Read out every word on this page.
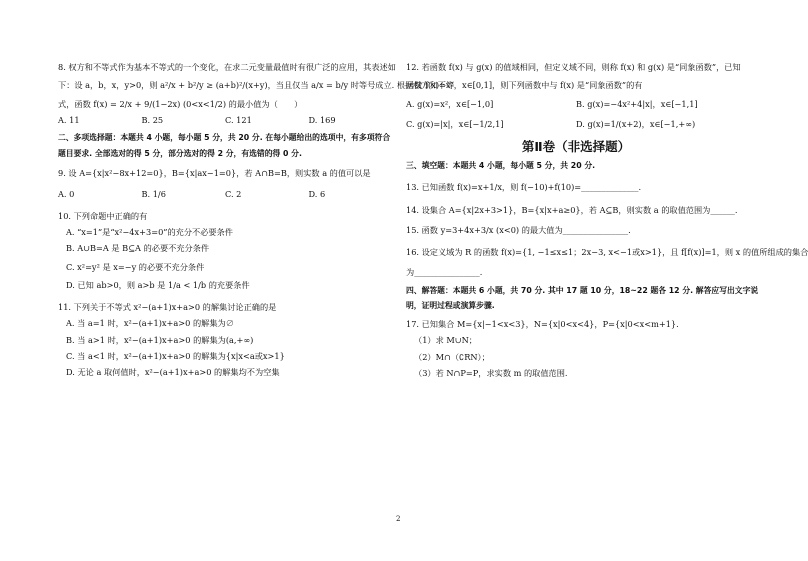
8. 权方和不等式作为基本不等式的一个变化，在求二元变量最值时有很广泛的应用，其表述如

下：设 a，b，x，y>0，则 a²/x + b²/y ≥ (a+b)²/(x+y)，当且仅当 a/x = b/y 时等号成立. 根据权方和不等

式，函数 f(x) = 2/x + 9/(1−2x) (0<x<1/2) 的最小值为（　　）

A. 11	B. 25	C. 121	D. 169

二、多项选择题：本题共 4 小题，每小题 5 分，共 20 分. 在每小题给出的选项中，有多项符合

题目要求. 全部选对的得 5 分，部分选对的得 2 分，有选错的得 0 分.

9. 设 A={x|x²−8x+12=0}，B={x|ax−1=0}，若 A∩B=B，则实数 a 的值可以是

A. 0	B. 1/6	C. 2	D. 6

10. 下列命题中正确的有

A. “x=1”是“x²−4x+3=0”的充分不必要条件

B. A∪B=A 是 B⊆A 的必要不充分条件

C. x²=y² 是 x=−y 的必要不充分条件

D. 已知 ab>0，则 a>b 是 1/a < 1/b 的充要条件

11. 下列关于不等式 x²−(a+1)x+a>0 的解集讨论正确的是

A. 当 a=1 时，x²−(a+1)x+a>0 的解集为∅

B. 当 a>1 时，x²−(a+1)x+a>0 的解集为(a,+∞)

C. 当 a<1 时，x²−(a+1)x+a>0 的解集为{x|x<a或x>1}

D. 无论 a 取何值时，x²−(a+1)x+a>0 的解集均不为空集

12. 若函数 f(x) 与 g(x) 的值域相同，但定义域不同，则称 f(x) 和 g(x) 是“同象函数”，已知

函数 f(x)=x²，x∈[0,1]，则下列函数中与 f(x) 是“同象函数”的有

A. g(x)=x²，x∈[−1,0]	B. g(x)=−4x²+4|x|，x∈[−1,1]
C. g(x)=|x|，x∈[−1/2,1]	D. g(x)=1/(x+2)，x∈[−1,+∞)
第Ⅱ卷（非选择题）

三、填空题：本题共 4 小题，每小题 5 分，共 20 分.

13. 已知函数 f(x)=x+1/x，则 f(−10)+f(10)=______________.

14. 设集合 A={x|2x+3>1}，B={x|x+a≥0}，若 A⊆B，则实数 a 的取值范围为______.

15. 函数 y=3+4x+3/x (x<0) 的最大值为________________.

16. 设定义域为 R 的函数 f(x)={1, −1≤x≤1；2x−3, x<−1或x>1}，且 f[f(x)]=1，则 x 的值所组成的集合

为________________.

四、解答题：本题共 6 小题，共 70 分. 其中 17 题 10 分，18~22 题各 12 分. 解答应写出文字说

明，证明过程或演算步骤.

17. 已知集合 M={x|−1<x<3}，N={x|0<x<4}，P={x|0<x<m+1}.

（1）求 M∪N；

（2）M∩（∁RN）；

（3）若 N∩P=P，求实数 m 的取值范围.

2
